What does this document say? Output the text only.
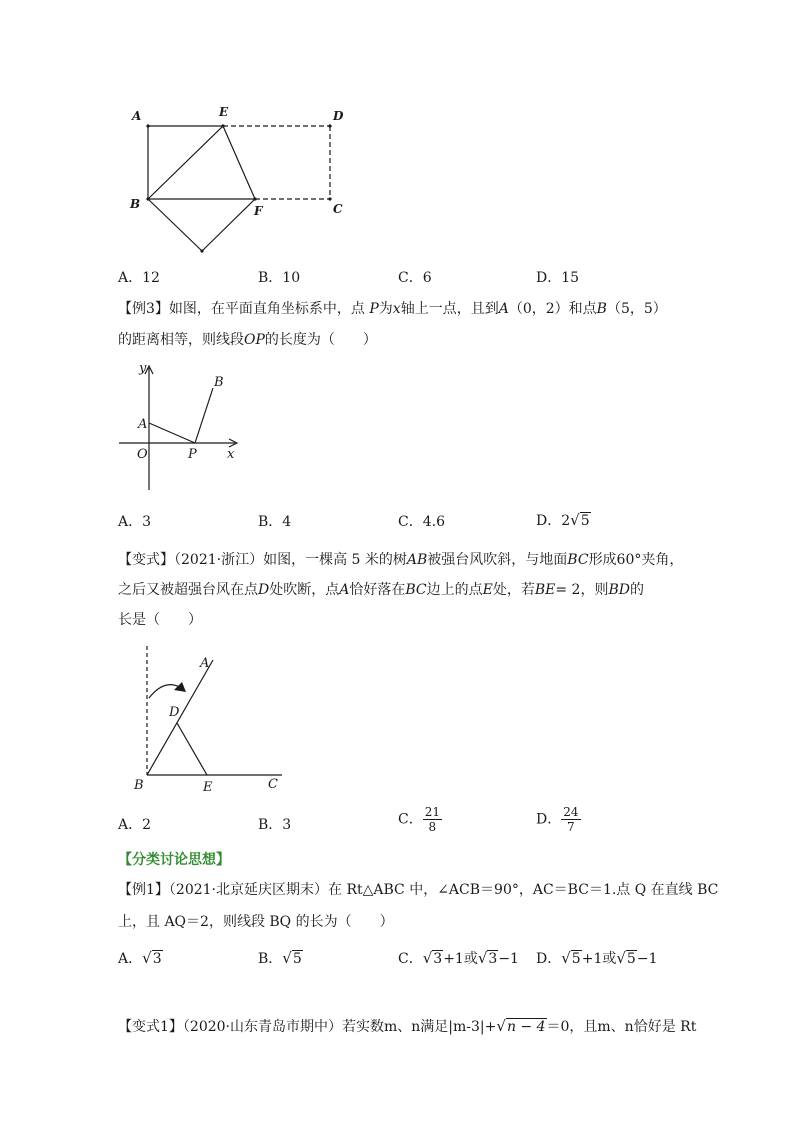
A	E	D
B	F	C
A．12	B．10	C．6	D．15
【例3】如图，在平面直角坐标系中，点 P为x轴上一点，且到A（0，2）和点B（5，5）
的距离相等，则线段OP的长度为（　　）
y
B
A
O	P x
A．3	B．4	C．4.6	D．2√5
【变式】（2021·浙江）如图，一棵高 5 米的树AB被强台风吹斜，与地面BC形成60°夹角，
之后又被超强台风在点D处吹断，点A恰好落在BC边上的点E处，若BE= 2，则BD的
长是（　　）
A
D
B	E	C
A．2	B．3	C． $\frac{21}{8}$	D． $\frac{24}{7}$
【分类讨论思想】
【例1】（2021·北京延庆区期末）在 Rt△ABC 中，∠ACB＝90°，AC＝BC＝1.点 Q 在直线 BC
上，且 AQ＝2，则线段 BQ 的长为（　　）
A．√3	B．√5	C．√3+1或√3−1 D．√5+1或√5−1
【变式1】（2020·山东青岛市期中）若实数m、n满足|m-3|+√n − 4＝0，且m、n恰好是 Rt
